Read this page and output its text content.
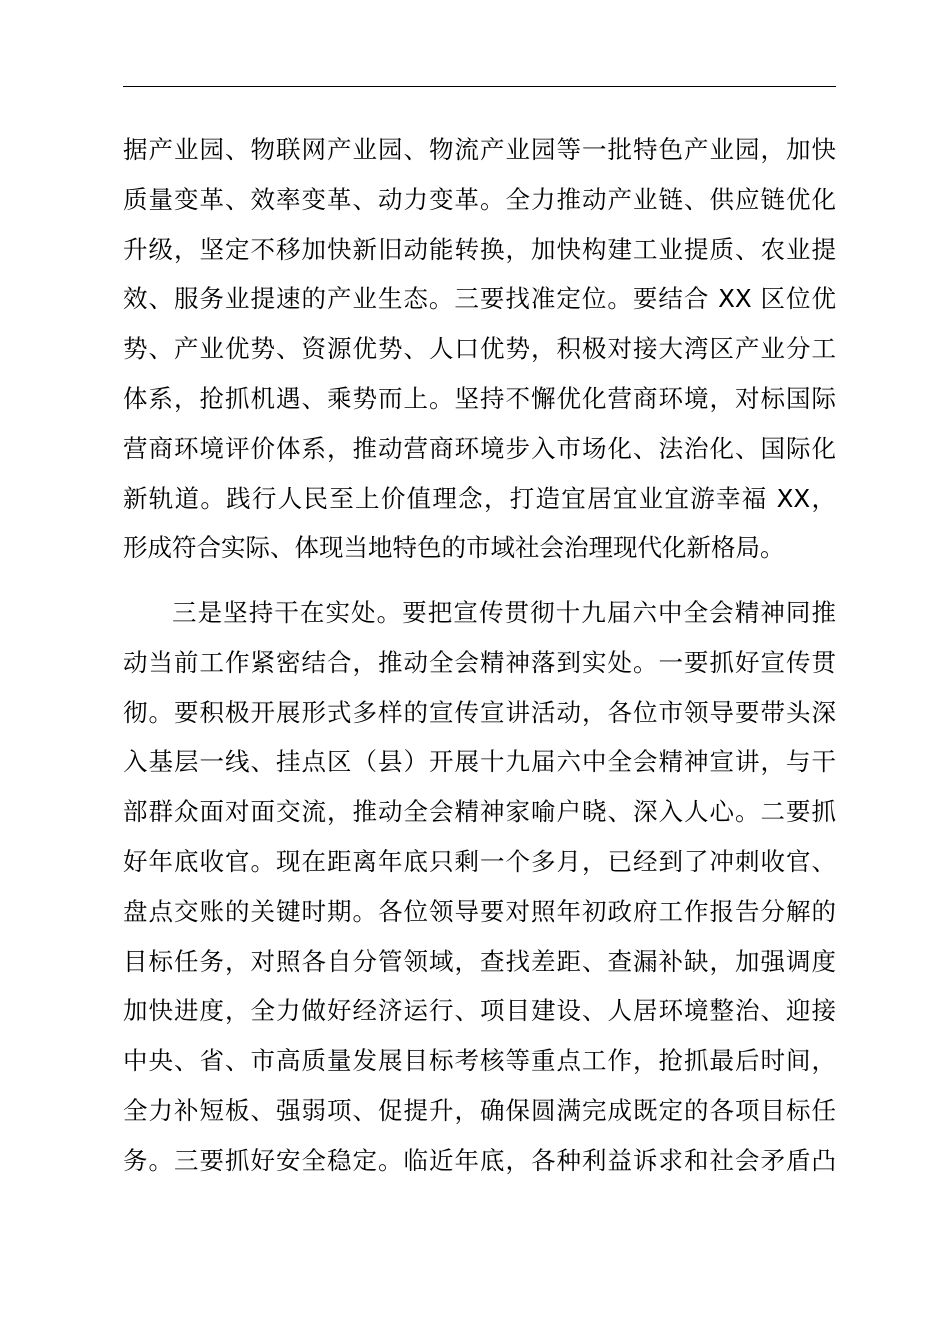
据产业园、物联网产业园、物流产业园等一批特色产业园，加快
质量变革、效率变革、动力变革。全力推动产业链、供应链优化
升级，坚定不移加快新旧动能转换，加快构建工业提质、农业提
效、服务业提速的产业生态。三要找准定位。要结合 XX 区位优
势、产业优势、资源优势、人口优势，积极对接大湾区产业分工
体系，抢抓机遇、乘势而上。坚持不懈优化营商环境，对标国际
营商环境评价体系，推动营商环境步入市场化、法治化、国际化
新轨道。践行人民至上价值理念，打造宜居宜业宜游幸福 XX，
形成符合实际、体现当地特色的市域社会治理现代化新格局。
三是坚持干在实处。要把宣传贯彻十九届六中全会精神同推
动当前工作紧密结合，推动全会精神落到实处。一要抓好宣传贯
彻。要积极开展形式多样的宣传宣讲活动，各位市领导要带头深
入基层一线、挂点区（县）开展十九届六中全会精神宣讲，与干
部群众面对面交流，推动全会精神家喻户晓、深入人心。二要抓
好年底收官。现在距离年底只剩一个多月，已经到了冲刺收官、
盘点交账的关键时期。各位领导要对照年初政府工作报告分解的
目标任务，对照各自分管领域，查找差距、查漏补缺，加强调度
加快进度，全力做好经济运行、项目建设、人居环境整治、迎接
中央、省、市高质量发展目标考核等重点工作，抢抓最后时间，
全力补短板、强弱项、促提升，确保圆满完成既定的各项目标任
务。三要抓好安全稳定。临近年底，各种利益诉求和社会矛盾凸
